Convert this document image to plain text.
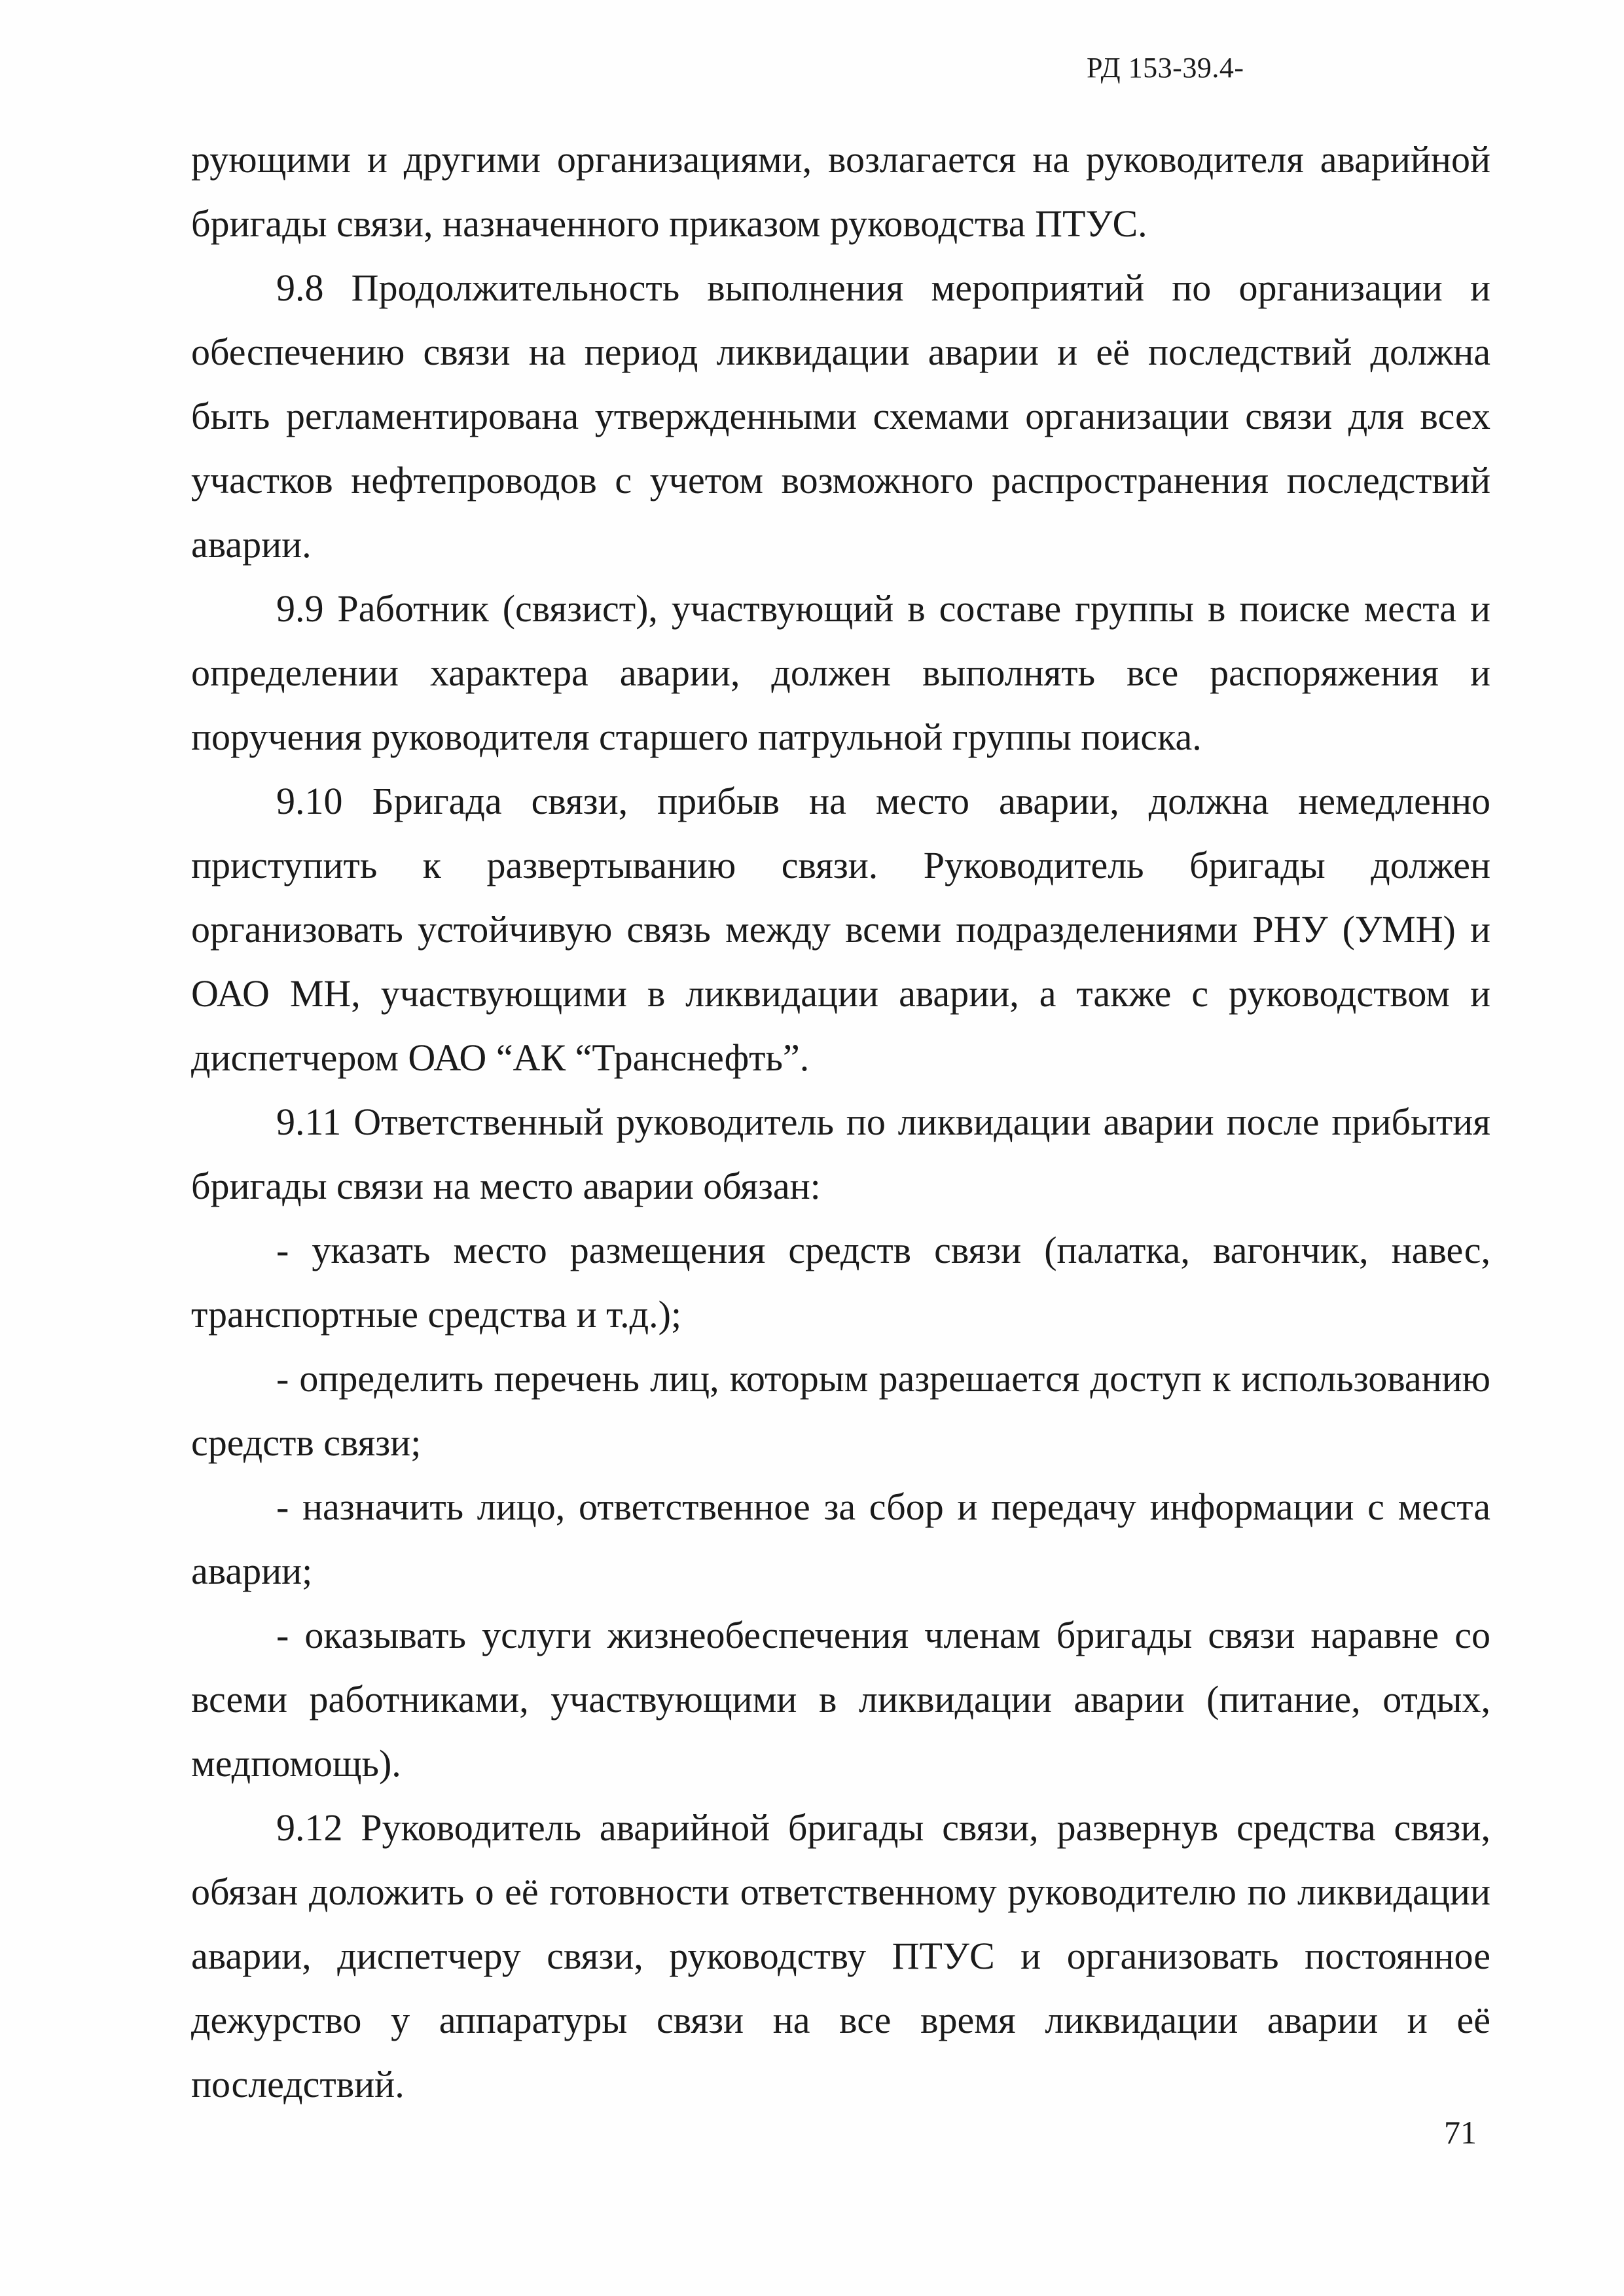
РД 153-39.4-

рующими и другими организациями, возлагается на руководителя аварийной бригады связи, назначенного приказом руководства ПТУС.

9.8 Продолжительность выполнения мероприятий по организации и обеспечению связи на период ликвидации аварии и её последствий должна быть регламентирована утвержденными схемами организации связи для всех участков нефтепроводов с учетом возможного распространения последствий аварии.

9.9 Работник (связист), участвующий в составе группы в поиске места и определении характера аварии, должен выполнять все распоряжения и поручения руководителя старшего патрульной группы поиска.

9.10 Бригада связи, прибыв на место аварии, должна немедленно приступить к развертыванию связи. Руководитель бригады должен организовать устойчивую связь между всеми подразделениями РНУ (УМН) и ОАО МН, участвующими в ликвидации аварии, а также с руководством и диспетчером ОАО “АК “Транснефть”.

9.11 Ответственный руководитель по ликвидации аварии после прибытия бригады связи на место аварии обязан:

- указать место размещения средств связи (палатка, вагончик, навес, транспортные средства и т.д.);

- определить перечень лиц, которым разрешается доступ к использованию средств связи;

- назначить лицо, ответственное за сбор и передачу информации с места аварии;

- оказывать услуги жизнеобеспечения членам бригады связи наравне со всеми работниками, участвующими в ликвидации аварии (питание, отдых, медпомощь).

9.12 Руководитель аварийной бригады связи, развернув средства связи, обязан доложить о её готовности ответственному руководителю по ликвидации аварии, диспетчеру связи, руководству ПТУС и организовать постоянное дежурство у аппаратуры связи на все время ликвидации аварии и её последствий.

71
